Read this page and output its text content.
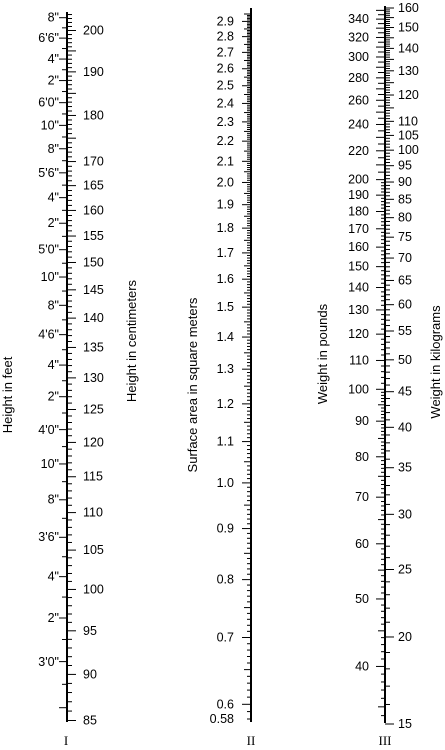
200
190
180
170
165
160
155
150
145
140
135
130
125
120
115
110
105
100
95
90
85
8"
6'6"
4"
2"
6'0"
10"
8"
5'6"
4"
2"
5'0"
10"
8"
4'6"
4"
2"
4'0"
10"
8"
3'6"
4"
2"
3'0"
2.9
2.8
2.7
2.6
2.5
2.4
2.3
2.2
2.1
2.0
1.9
1.8
1.7
1.6
1.5
1.4
1.3
1.2
1.1
1.0
0.9
0.8
0.7
0.6
0.58
160
150
140
130
120
110
105
100
95
90
85
80
75
70
65
60
55
50
45
40
35
30
25
20
15
340
320
300
280
260
240
220
200
190
180
170
160
150
140
130
120
110
100
90
80
70
60
50
40
Height in feet	Height in centimeters	Surface area in square meters	Weight in pounds	Weight in kilograms
I	II	III
